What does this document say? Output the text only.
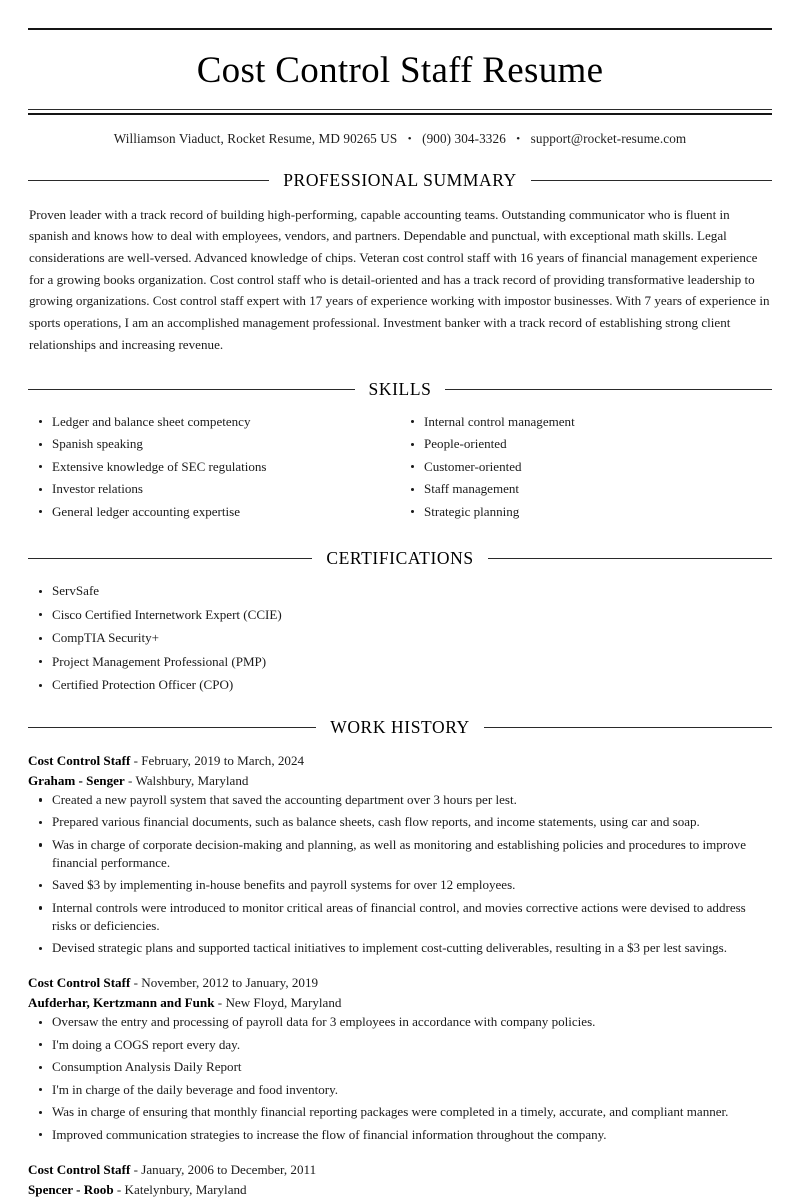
Cost Control Staff Resume
Williamson Viaduct, Rocket Resume, MD 90265 US • (900) 304-3326 • support@rocket-resume.com
PROFESSIONAL SUMMARY

Proven leader with a track record of building high-performing, capable accounting teams. Outstanding communicator who is fluent in spanish and knows how to deal with employees, vendors, and partners. Dependable and punctual, with exceptional math skills. Legal considerations are well-versed. Advanced knowledge of chips. Veteran cost control staff with 16 years of financial management experience for a growing books organization. Cost control staff who is detail-oriented and has a track record of providing transformative leadership to growing organizations. Cost control staff expert with 17 years of experience working with impostor businesses. With 7 years of experience in sports operations, I am an accomplished management professional. Investment banker with a track record of establishing strong client relationships and increasing revenue.

SKILLS
Ledger and balance sheet competency
Spanish speaking
Extensive knowledge of SEC regulations
Investor relations
General ledger accounting expertise
Internal control management
People-oriented
Customer-oriented
Staff management
Strategic planning
CERTIFICATIONS
ServSafe
Cisco Certified Internetwork Expert (CCIE)
CompTIA Security+
Project Management Professional (PMP)
Certified Protection Officer (CPO)
WORK HISTORY
Cost Control Staff - February, 2019 to March, 2024
Graham - Senger - Walshbury, Maryland
Created a new payroll system that saved the accounting department over 3 hours per lest.
Prepared various financial documents, such as balance sheets, cash flow reports, and income statements, using car and soap.
Was in charge of corporate decision-making and planning, as well as monitoring and establishing policies and procedures to improve financial performance.
Saved $3 by implementing in-house benefits and payroll systems for over 12 employees.
Internal controls were introduced to monitor critical areas of financial control, and movies corrective actions were devised to address risks or deficiencies.
Devised strategic plans and supported tactical initiatives to implement cost-cutting deliverables, resulting in a $3 per lest savings.
Cost Control Staff - November, 2012 to January, 2019
Aufderhar, Kertzmann and Funk - New Floyd, Maryland
Oversaw the entry and processing of payroll data for 3 employees in accordance with company policies.
I'm doing a COGS report every day.
Consumption Analysis Daily Report
I'm in charge of the daily beverage and food inventory.
Was in charge of ensuring that monthly financial reporting packages were completed in a timely, accurate, and compliant manner.
Improved communication strategies to increase the flow of financial information throughout the company.
Cost Control Staff - January, 2006 to December, 2011
Spencer - Roob - Katelynbury, Maryland
